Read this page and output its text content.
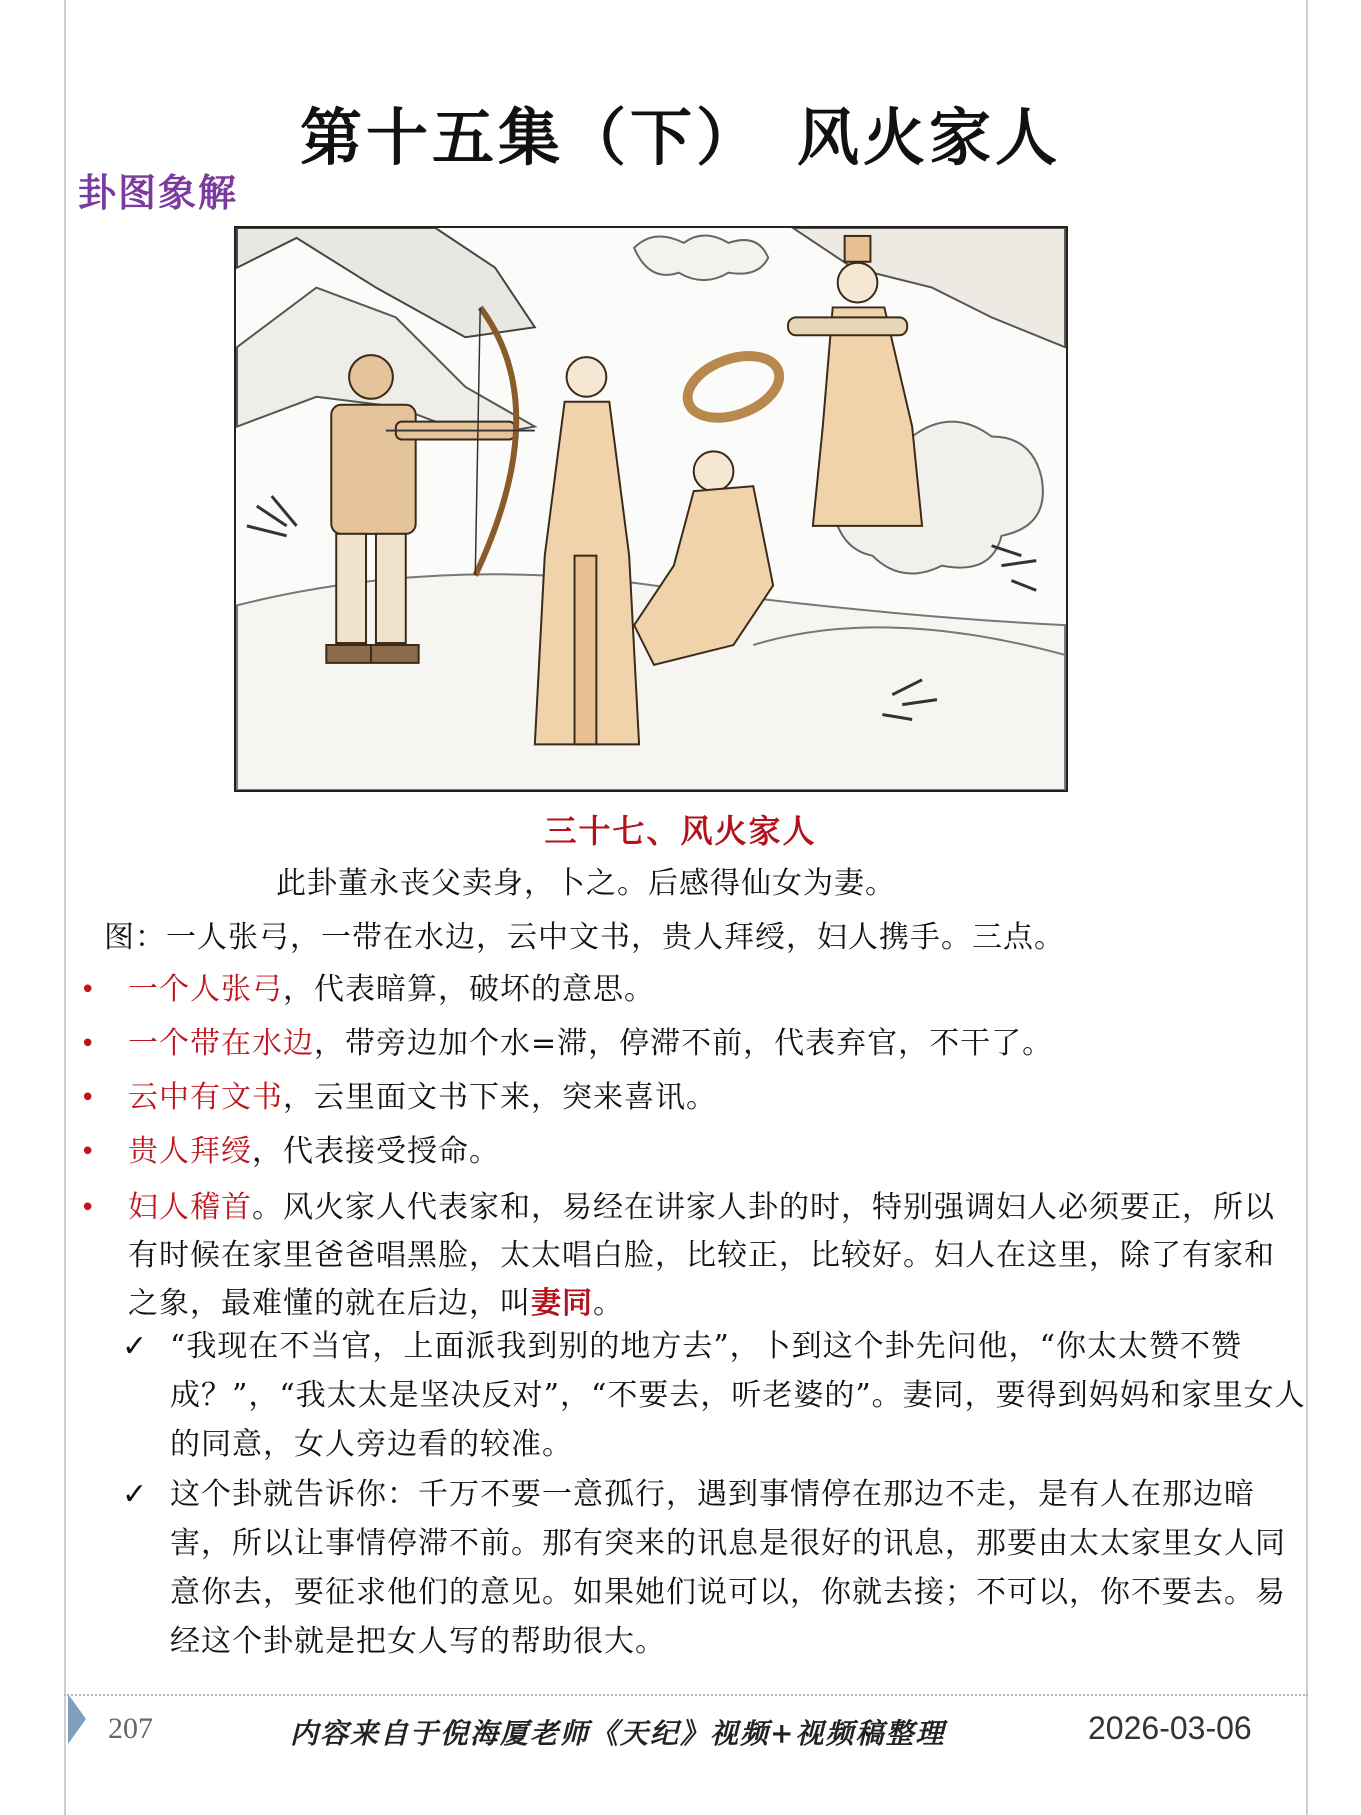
第十五集（下）　风火家人
卦图象解
三十七、风火家人
此卦董永丧父卖身，卜之。后感得仙女为妻。
图：一人张弓，一带在水边，云中文书，贵人拜绶，妇人携手。三点。
• 一个人张弓，代表暗算，破坏的意思。
• 一个带在水边，带旁边加个水=滞，停滞不前，代表弃官，不干了。
• 云中有文书，云里面文书下来，突来喜讯。
• 贵人拜绶，代表接受授命。
• 妇人稽首。风火家人代表家和，易经在讲家人卦的时，特别强调妇人必须要正，所以有时候在家里爸爸唱黑脸，太太唱白脸，比较正，比较好。妇人在这里，除了有家和之象，最难懂的就在后边，叫妻同。
✓ “我现在不当官，上面派我到别的地方去”，卜到这个卦先问他，“你太太赞不赞成？”，“我太太是坚决反对”，“不要去，听老婆的”。妻同，要得到妈妈和家里女人的同意，女人旁边看的较准。
✓ 这个卦就告诉你：千万不要一意孤行，遇到事情停在那边不走，是有人在那边暗害，所以让事情停滞不前。那有突来的讯息是很好的讯息，那要由太太家里女人同意你去，要征求他们的意见。如果她们说可以，你就去接；不可以，你不要去。易经这个卦就是把女人写的帮助很大。
207	内容来自于倪海厦老师《天纪》视频+视频稿整理	2026-03-06
